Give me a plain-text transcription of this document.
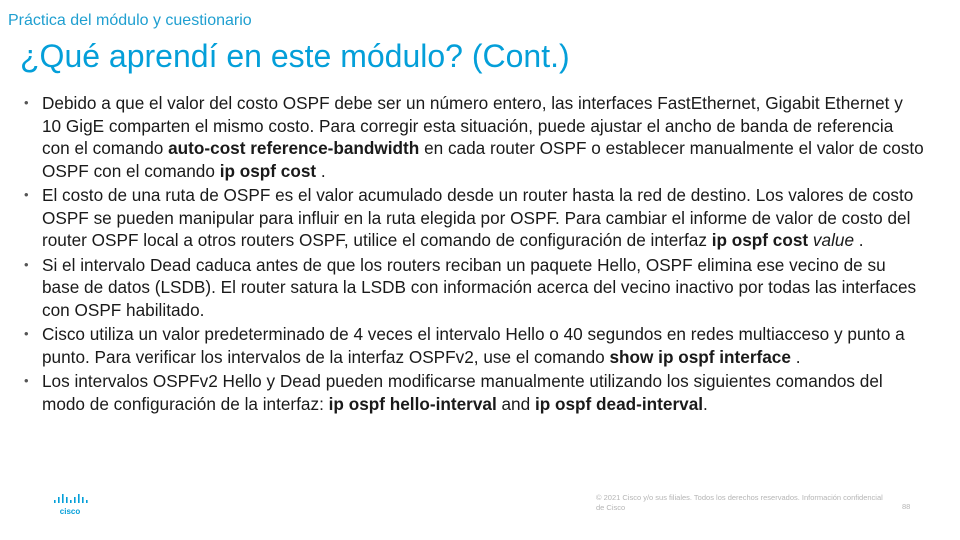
Práctica del módulo y cuestionario
¿Qué aprendí en este módulo? (Cont.)
• Debido a que el valor del costo OSPF debe ser un número entero, las interfaces FastEthernet, Gigabit Ethernet y 10 GigE comparten el mismo costo. Para corregir esta situación, puede ajustar el ancho de banda de referencia con el comando auto-cost reference-bandwidth en cada router OSPF o establecer manualmente el valor de costo OSPF con el comando ip ospf cost .
• El costo de una ruta de OSPF es el valor acumulado desde un router hasta la red de destino. Los valores de costo OSPF se pueden manipular para influir en la ruta elegida por OSPF. Para cambiar el informe de valor de costo del router OSPF local a otros routers OSPF, utilice el comando de configuración de interfaz ip ospf cost value .
• Si el intervalo Dead caduca antes de que los routers reciban un paquete Hello, OSPF elimina ese vecino de su base de datos (LSDB). El router satura la LSDB con información acerca del vecino inactivo por todas las interfaces con OSPF habilitado.
• Cisco utiliza un valor predeterminado de 4 veces el intervalo Hello o 40 segundos en redes multiacceso y punto a punto. Para verificar los intervalos de la interfaz OSPFv2, use el comando show ip ospf interface .
• Los intervalos OSPFv2 Hello y Dead pueden modificarse manualmente utilizando los siguientes comandos del modo de configuración de la interfaz: ip ospf hello-interval and ip ospf dead-interval.
cisco
© 2021 Cisco y/o sus filiales. Todos los derechos reservados. Información confidencial de Cisco	88
